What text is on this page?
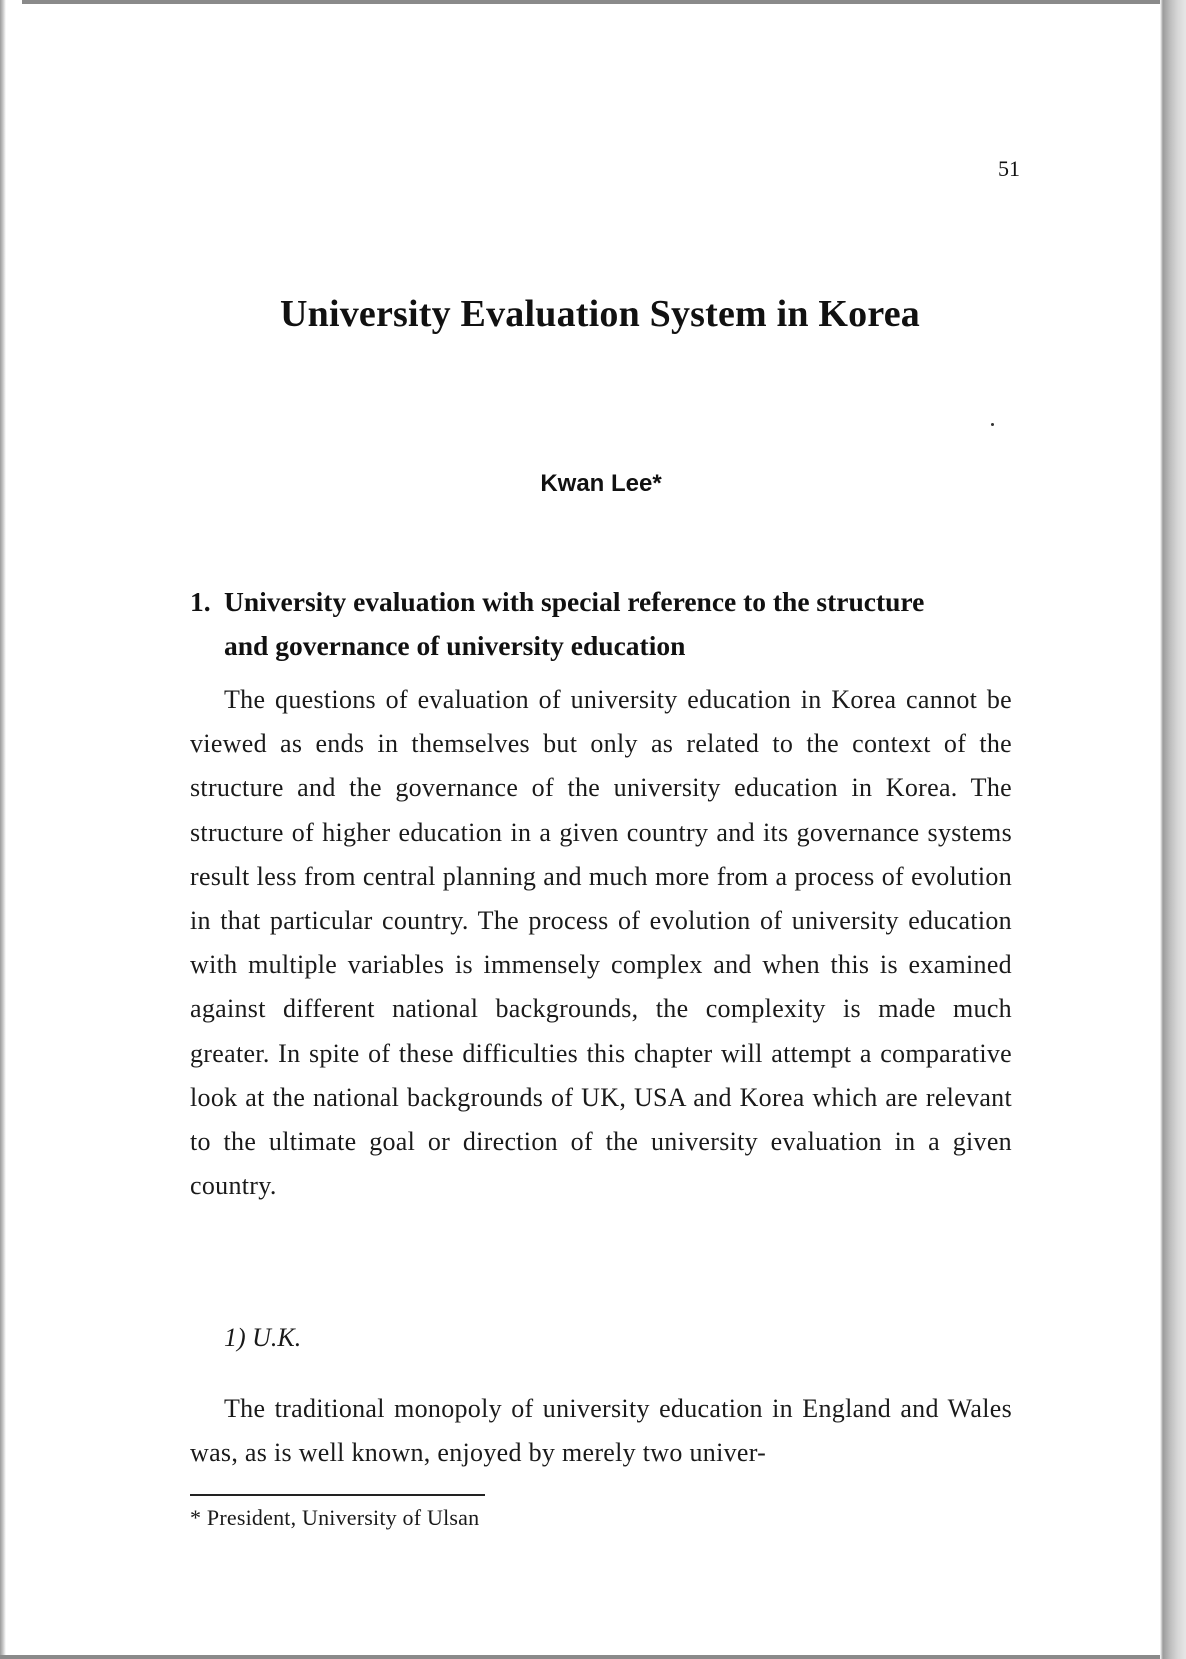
51
University Evaluation System in Korea
Kwan Lee*
1. University evaluation with special reference to the structure
and governance of university education
The questions of evaluation of university education in Korea cannot be viewed as ends in themselves but only as related to the context of the structure and the governance of the university education in Korea. The structure of higher education in a given country and its governance systems result less from central planning and much more from a process of evolution in that particular country. The process of evolution of university education with multiple variables is immensely complex and when this is examined against different national backgrounds, the complexity is made much greater. In spite of these difficulties this chapter will attempt a comparative look at the national backgrounds of UK, USA and Korea which are relevant to the ultimate goal or direction of the university evaluation in a given country.
1) U.K.
The traditional monopoly of university education in England and Wales was, as is well known, enjoyed by merely two univer-
* President, University of Ulsan
